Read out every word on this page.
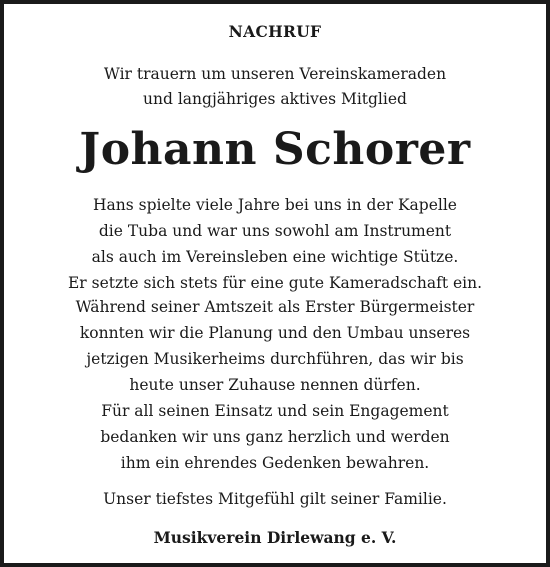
NACHRUF
Wir trauern um unseren Vereinskameraden
und langjähriges aktives Mitglied
Johann Schorer
Hans spielte viele Jahre bei uns in der Kapelle
die Tuba und war uns sowohl am Instrument
als auch im Vereinsleben eine wichtige Stütze.
Er setzte sich stets für eine gute Kameradschaft ein.
Während seiner Amtszeit als Erster Bürgermeister
konnten wir die Planung und den Umbau unseres
jetzigen Musikerheims durchführen, das wir bis
heute unser Zuhause nennen dürfen.
Für all seinen Einsatz und sein Engagement
bedanken wir uns ganz herzlich und werden
ihm ein ehrendes Gedenken bewahren.
Unser tiefstes Mitgefühl gilt seiner Familie.
Musikverein Dirlewang e. V.
